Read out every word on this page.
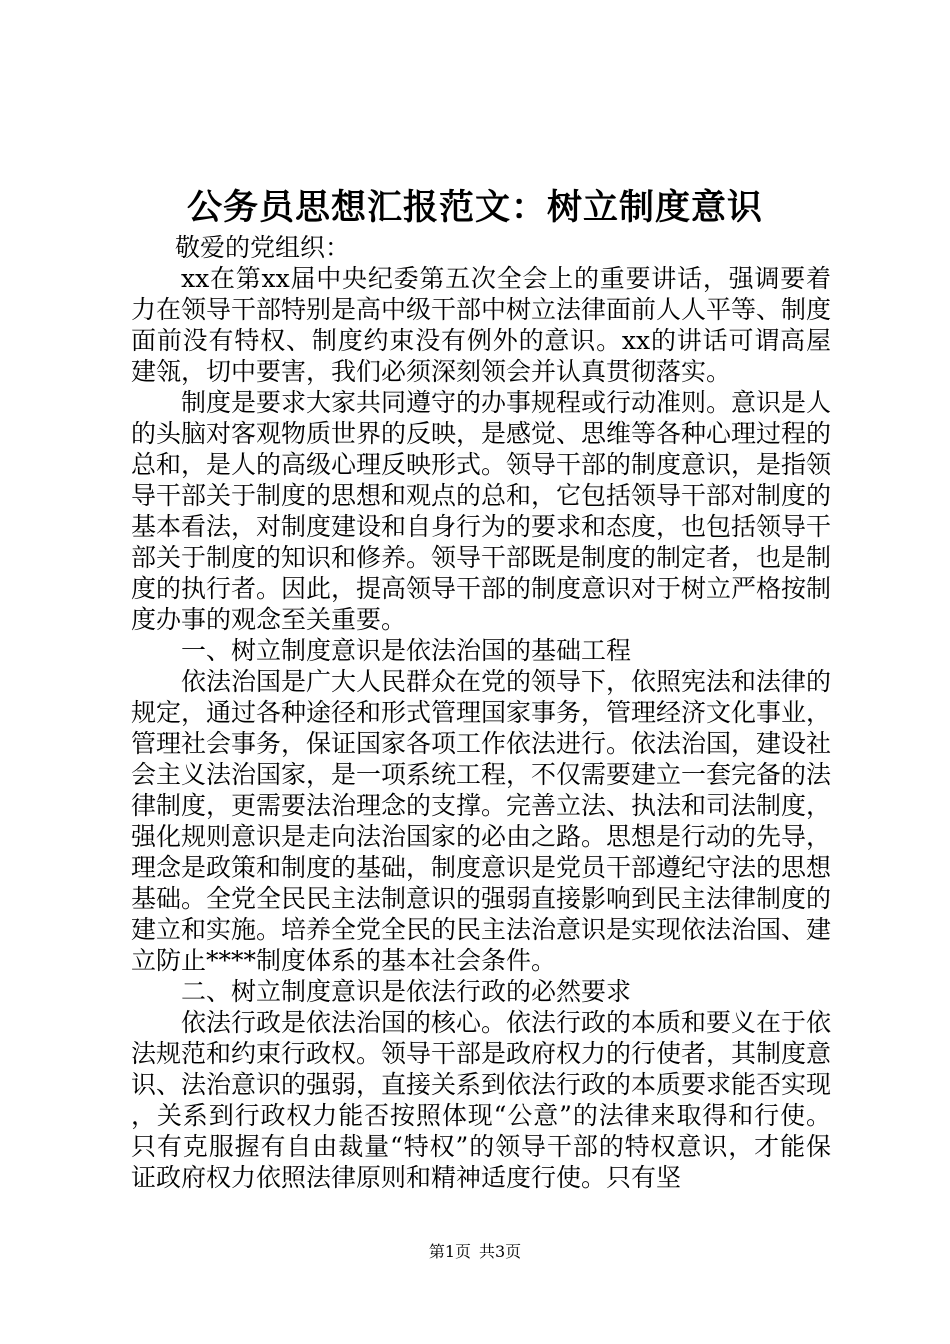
公务员思想汇报范文：树立制度意识

敬爱的党组织：

xx在第xx届中央纪委第五次全会上的重要讲话，强调要着力在领导干部特别是高中级干部中树立法律面前人人平等、制度面前没有特权、制度约束没有例外的意识。xx的讲话可谓高屋建瓴，切中要害，我们必须深刻领会并认真贯彻落实。

制度是要求大家共同遵守的办事规程或行动准则。意识是人的头脑对客观物质世界的反映，是感觉、思维等各种心理过程的总和，是人的高级心理反映形式。领导干部的制度意识，是指领导干部关于制度的思想和观点的总和，它包括领导干部对制度的基本看法，对制度建设和自身行为的要求和态度，也包括领导干部关于制度的知识和修养。领导干部既是制度的制定者，也是制度的执行者。因此，提高领导干部的制度意识对于树立严格按制度办事的观念至关重要。

一、树立制度意识是依法治国的基础工程

依法治国是广大人民群众在党的领导下，依照宪法和法律的规定，通过各种途径和形式管理国家事务，管理经济文化事业，管理社会事务，保证国家各项工作依法进行。依法治国，建设社会主义法治国家，是一项系统工程，不仅需要建立一套完备的法律制度，更需要法治理念的支撑。完善立法、执法和司法制度，强化规则意识是走向法治国家的必由之路。思想是行动的先导，理念是政策和制度的基础，制度意识是党员干部遵纪守法的思想基础。全党全民民主法制意识的强弱直接影响到民主法律制度的建立和实施。培养全党全民的民主法治意识是实现依法治国、建立防止****制度体系的基本社会条件。

二、树立制度意识是依法行政的必然要求

依法行政是依法治国的核心。依法行政的本质和要义在于依法规范和约束行政权。领导干部是政府权力的行使者，其制度意识、法治意识的强弱，直接关系到依法行政的本质要求能否实现，关系到行政权力能否按照体现“公意”的法律来取得和行使。只有克服握有自由裁量“特权”的领导干部的特权意识，才能保证政府权力依照法律原则和精神适度行使。只有坚

第1页 共3页
